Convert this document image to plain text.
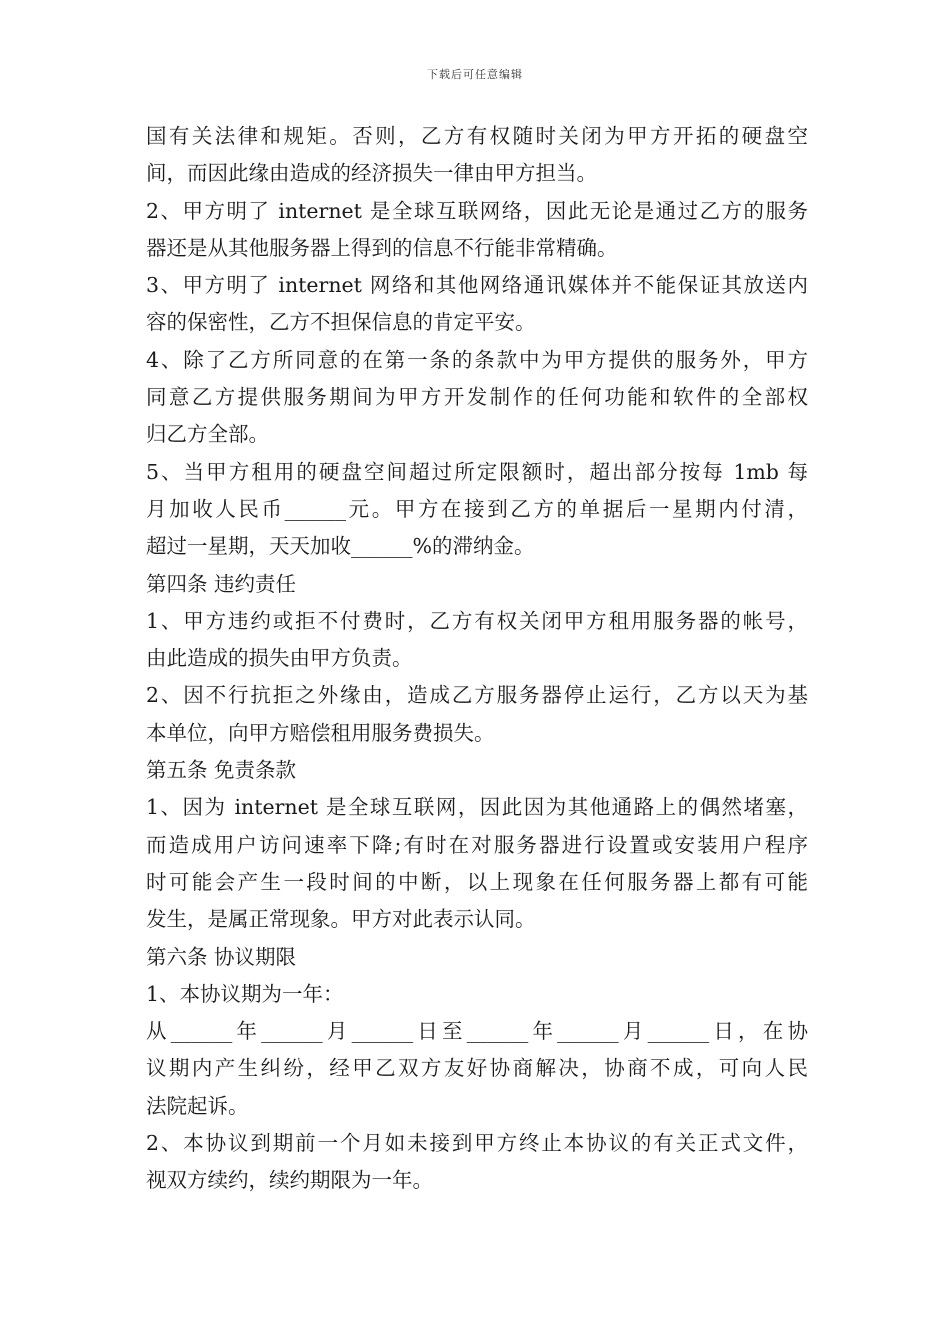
下载后可任意编辑
国有关法律和规矩。否则，乙方有权随时关闭为甲方开拓的硬盘空
间，而因此缘由造成的经济损失一律由甲方担当。
2、甲方明了 internet 是全球互联网络，因此无论是通过乙方的服务
器还是从其他服务器上得到的信息不行能非常精确。
3、甲方明了 internet 网络和其他网络通讯媒体并不能保证其放送内
容的保密性，乙方不担保信息的肯定平安。
4、除了乙方所同意的在第一条的条款中为甲方提供的服务外，甲方
同意乙方提供服务期间为甲方开发制作的任何功能和软件的全部权
归乙方全部。
5、当甲方租用的硬盘空间超过所定限额时，超出部分按每 1mb 每
月加收人民币______元。甲方在接到乙方的单据后一星期内付清，
超过一星期，天天加收______%的滞纳金。
第四条 违约责任
1、甲方违约或拒不付费时，乙方有权关闭甲方租用服务器的帐号，
由此造成的损失由甲方负责。
2、因不行抗拒之外缘由，造成乙方服务器停止运行，乙方以天为基
本单位，向甲方赔偿租用服务费损失。
第五条 免责条款
1、因为 internet 是全球互联网，因此因为其他通路上的偶然堵塞，
而造成用户访问速率下降;有时在对服务器进行设置或安装用户程序
时可能会产生一段时间的中断，以上现象在任何服务器上都有可能
发生，是属正常现象。甲方对此表示认同。
第六条 协议期限
1、本协议期为一年：
从______年______月______日至______年______月______日，在协
议期内产生纠纷，经甲乙双方友好协商解决，协商不成，可向人民
法院起诉。
2、本协议到期前一个月如未接到甲方终止本协议的有关正式文件，
视双方续约，续约期限为一年。
